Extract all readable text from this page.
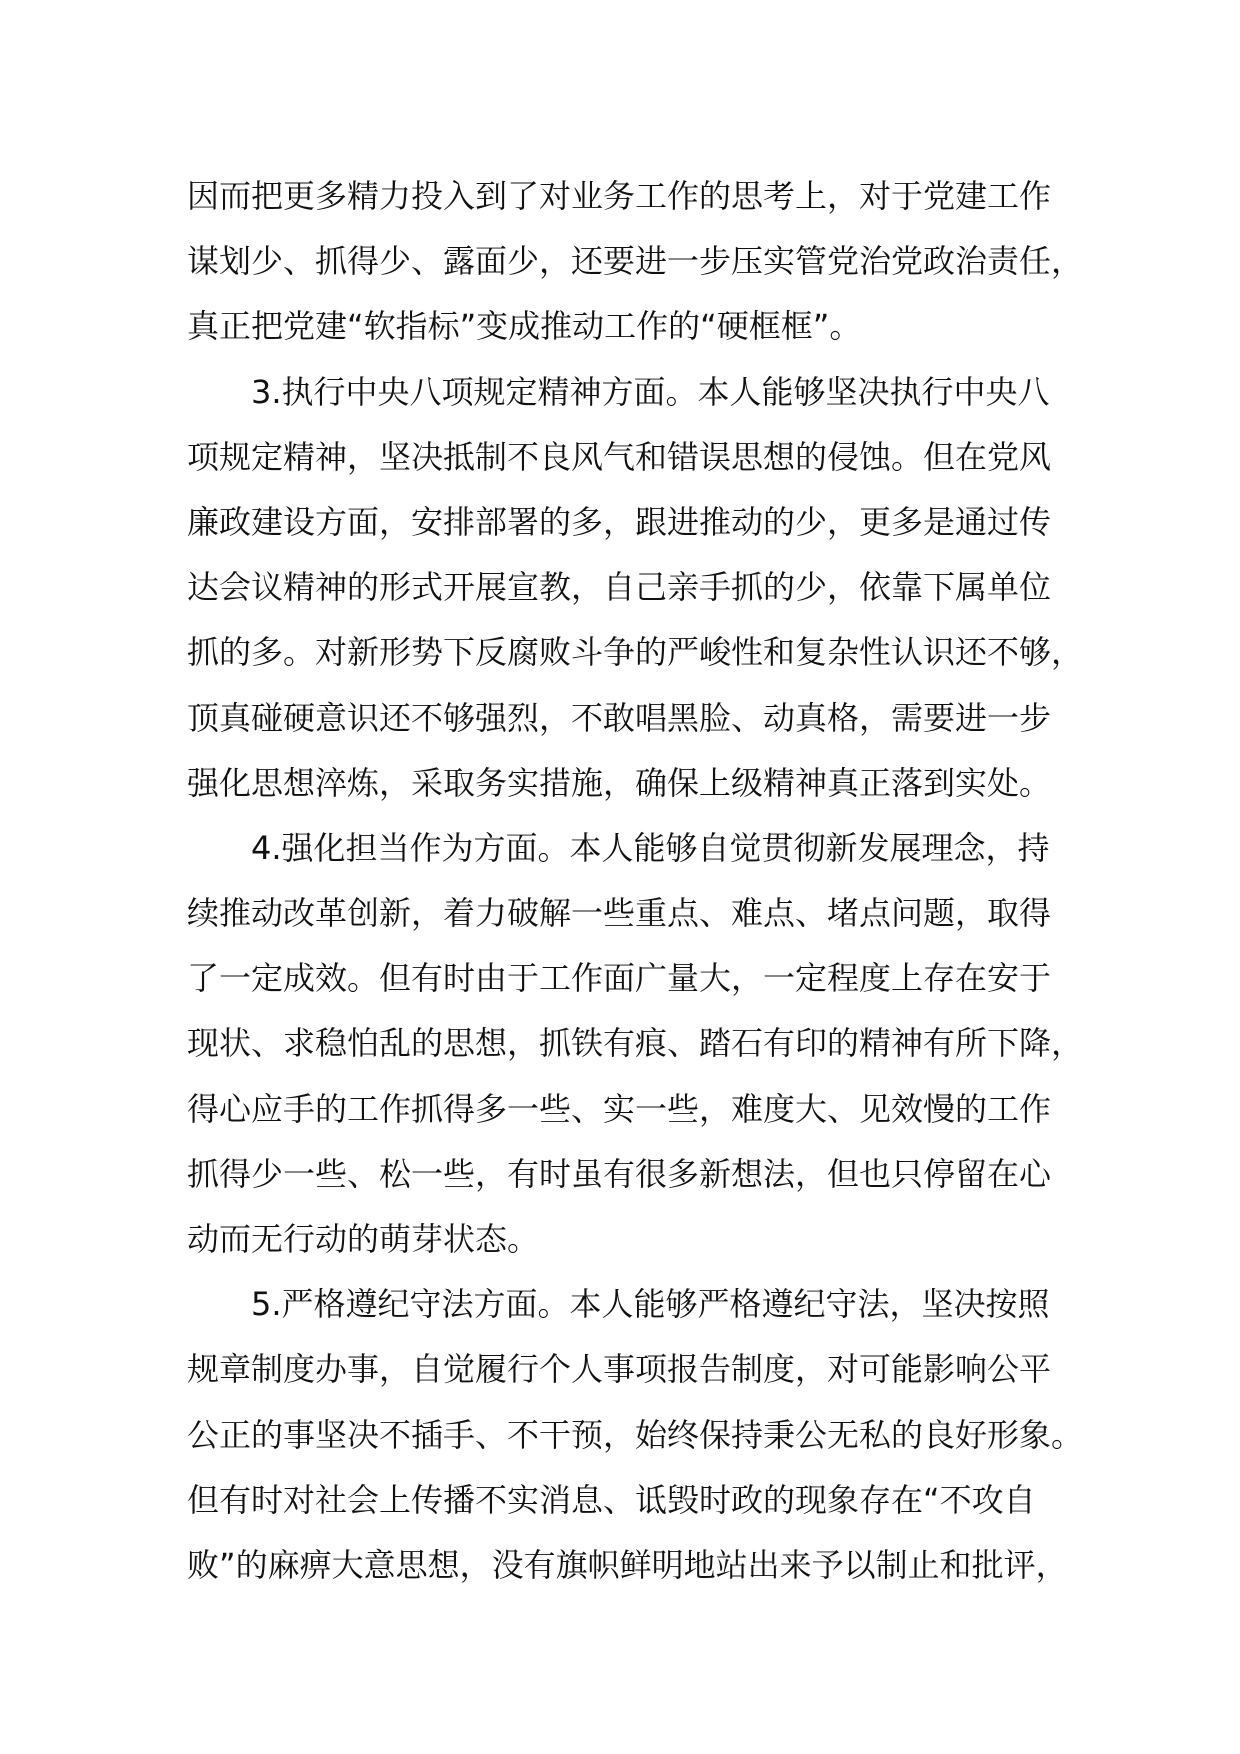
因而把更多精力投入到了对业务工作的思考上，对于党建工作
谋划少、抓得少、露面少，还要进一步压实管党治党政治责任，
真正把党建“软指标”变成推动工作的“硬框框”。
3.执行中央八项规定精神方面。本人能够坚决执行中央八
项规定精神，坚决抵制不良风气和错误思想的侵蚀。但在党风
廉政建设方面，安排部署的多，跟进推动的少，更多是通过传
达会议精神的形式开展宣教，自己亲手抓的少，依靠下属单位
抓的多。对新形势下反腐败斗争的严峻性和复杂性认识还不够，
顶真碰硬意识还不够强烈，不敢唱黑脸、动真格，需要进一步
强化思想淬炼，采取务实措施，确保上级精神真正落到实处。
4.强化担当作为方面。本人能够自觉贯彻新发展理念，持
续推动改革创新，着力破解一些重点、难点、堵点问题，取得
了一定成效。但有时由于工作面广量大，一定程度上存在安于
现状、求稳怕乱的思想，抓铁有痕、踏石有印的精神有所下降，
得心应手的工作抓得多一些、实一些，难度大、见效慢的工作
抓得少一些、松一些，有时虽有很多新想法，但也只停留在心
动而无行动的萌芽状态。
5.严格遵纪守法方面。本人能够严格遵纪守法，坚决按照
规章制度办事，自觉履行个人事项报告制度，对可能影响公平
公正的事坚决不插手、不干预，始终保持秉公无私的良好形象。
但有时对社会上传播不实消息、诋毁时政的现象存在“不攻自
败”的麻痹大意思想，没有旗帜鲜明地站出来予以制止和批评，
